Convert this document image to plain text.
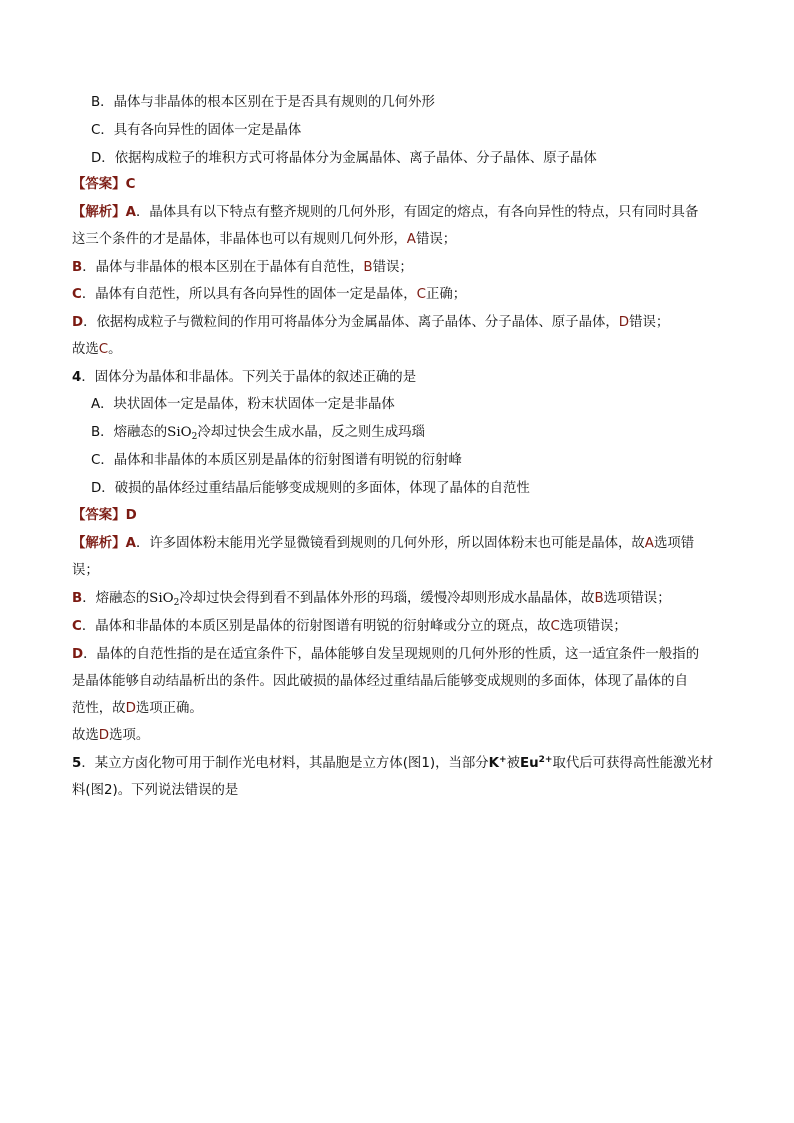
B．晶体与非晶体的根本区别在于是否具有规则的几何外形
C．具有各向异性的固体一定是晶体
D．依据构成粒子的堆积方式可将晶体分为金属晶体、离子晶体、分子晶体、原子晶体
【答案】C
【解析】A．晶体具有以下特点有整齐规则的几何外形，有固定的熔点，有各向异性的特点，只有同时具备
这三个条件的才是晶体，非晶体也可以有规则几何外形，A错误；
B．晶体与非晶体的根本区别在于晶体有自范性，B错误；
C．晶体有自范性，所以具有各向异性的固体一定是晶体，C正确；
D．依据构成粒子与微粒间的作用可将晶体分为金属晶体、离子晶体、分子晶体、原子晶体，D错误；
故选C。
4．固体分为晶体和非晶体。下列关于晶体的叙述正确的是
A．块状固体一定是晶体，粉末状固体一定是非晶体
B．熔融态的SiO$_2$冷却过快会生成水晶，反之则生成玛瑙
C．晶体和非晶体的本质区别是晶体的衍射图谱有明锐的衍射峰
D．破损的晶体经过重结晶后能够变成规则的多面体，体现了晶体的自范性
【答案】D
【解析】A．许多固体粉末能用光学显微镜看到规则的几何外形，所以固体粉末也可能是晶体，故A选项错
误；
B．熔融态的SiO$_2$冷却过快会得到看不到晶体外形的玛瑙，缓慢冷却则形成水晶晶体，故B选项错误；
C．晶体和非晶体的本质区别是晶体的衍射图谱有明锐的衍射峰或分立的斑点，故C选项错误；
D．晶体的自范性指的是在适宜条件下，晶体能够自发呈现规则的几何外形的性质，这一适宜条件一般指的
是晶体能够自动结晶析出的条件。因此破损的晶体经过重结晶后能够变成规则的多面体，体现了晶体的自
范性，故D选项正确。
故选D选项。
5．某立方卤化物可用于制作光电材料，其晶胞是立方体(图1)，当部分K+被$Eu^{2+}$取代后可获得高性能激光材
料(图2)。下列说法错误的是
